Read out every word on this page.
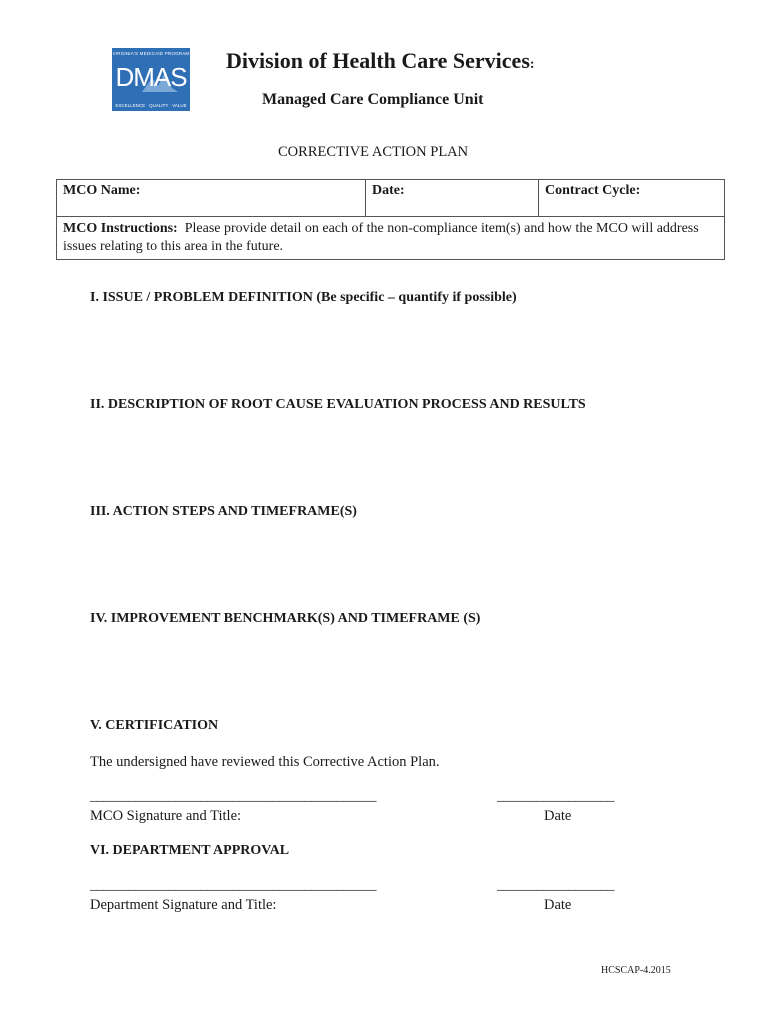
VIRGINIA'S MEDICAID PROGRAM
DMAS
EXCELLENCE · QUALITY · VALUE
Division of Health Care Services:
Managed Care Compliance Unit
CORRECTIVE ACTION PLAN
MCO Name:	Date:	Contract Cycle:
MCO Instructions: Please provide detail on each of the non-compliance item(s) and how the MCO will address issues relating to this area in the future.
I. ISSUE / PROBLEM DEFINITION (Be specific – quantify if possible)
II. DESCRIPTION OF ROOT CAUSE EVALUATION PROCESS AND RESULTS
III. ACTION STEPS AND TIMEFRAME(S)
IV. IMPROVEMENT BENCHMARK(S) AND TIMEFRAME (S)
V. CERTIFICATION
The undersigned have reviewed this Corrective Action Plan.
____________________________________________	__________________
MCO Signature and Title:	Date
VI. DEPARTMENT APPROVAL
____________________________________________	__________________
Department Signature and Title:	Date
HCSCAP-4.2015
